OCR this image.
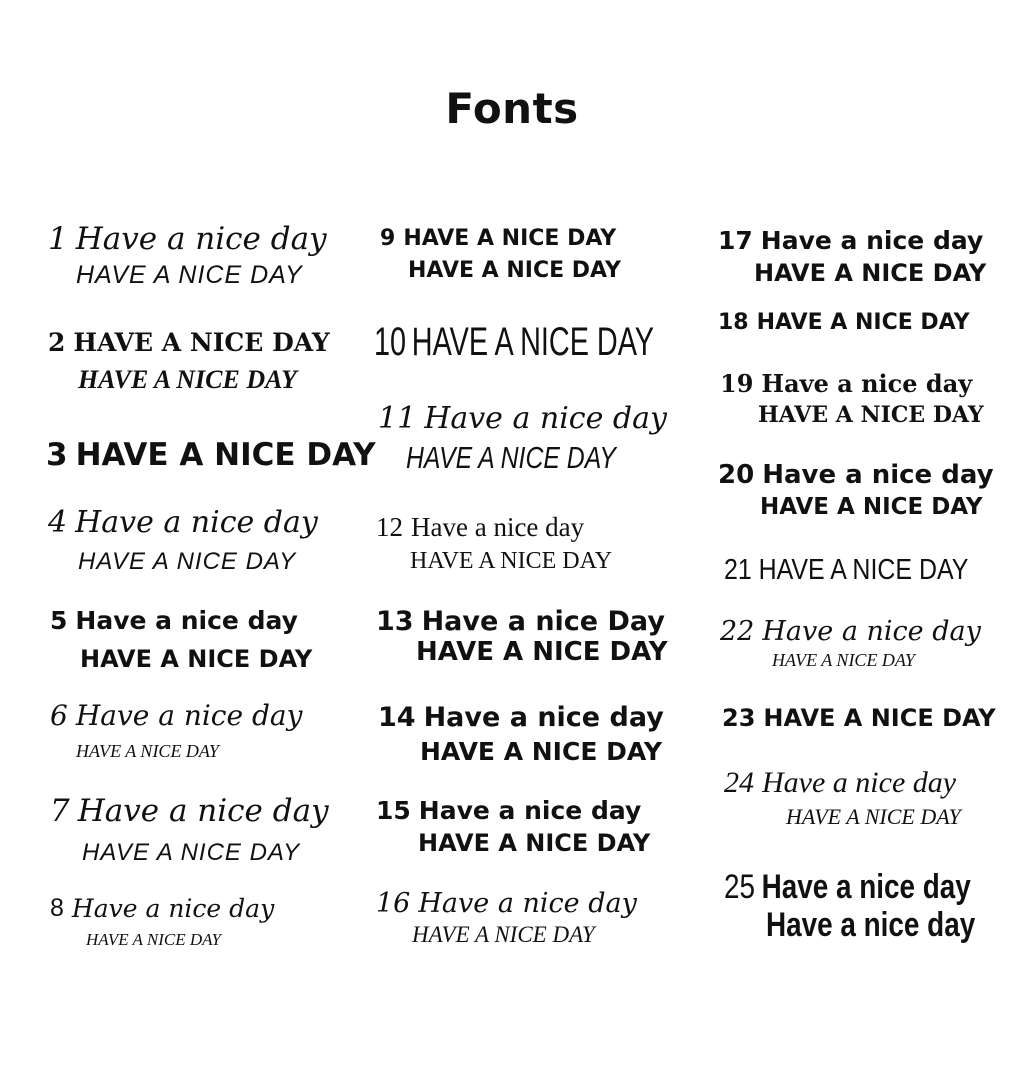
Fonts
1 Have a nice day
HAVE A NICE DAY
2 HAVE A NICE DAY
HAVE A NICE DAY
3 HAVE A NICE DAY
4 Have a nice day
HAVE A NICE DAY
5 Have a nice day
HAVE A NICE DAY
6 Have a nice day
HAVE A NICE DAY
7 Have a nice day
HAVE A NICE DAY
8 Have a nice day
HAVE A NICE DAY
9 HAVE A NICE DAY
HAVE A NICE DAY
10 HAVE A NICE DAY
11 Have a nice day
HAVE A NICE DAY
12 Have a nice day
HAVE A NICE DAY
13 Have a nice Day
HAVE A NICE DAY
14 Have a nice day
HAVE A NICE DAY
15 Have a nice day
HAVE A NICE DAY
16 Have a nice day
HAVE A NICE DAY
17 Have a nice day
HAVE A NICE DAY
18 HAVE A NICE DAY
19 Have a nice day
HAVE A NICE DAY
20 Have a nice day
HAVE A NICE DAY
21 HAVE A NICE DAY
22 Have a nice day
HAVE A NICE DAY
23 HAVE A NICE DAY
24 Have a nice day
HAVE A NICE DAY
25 Have a nice day
Have a nice day
